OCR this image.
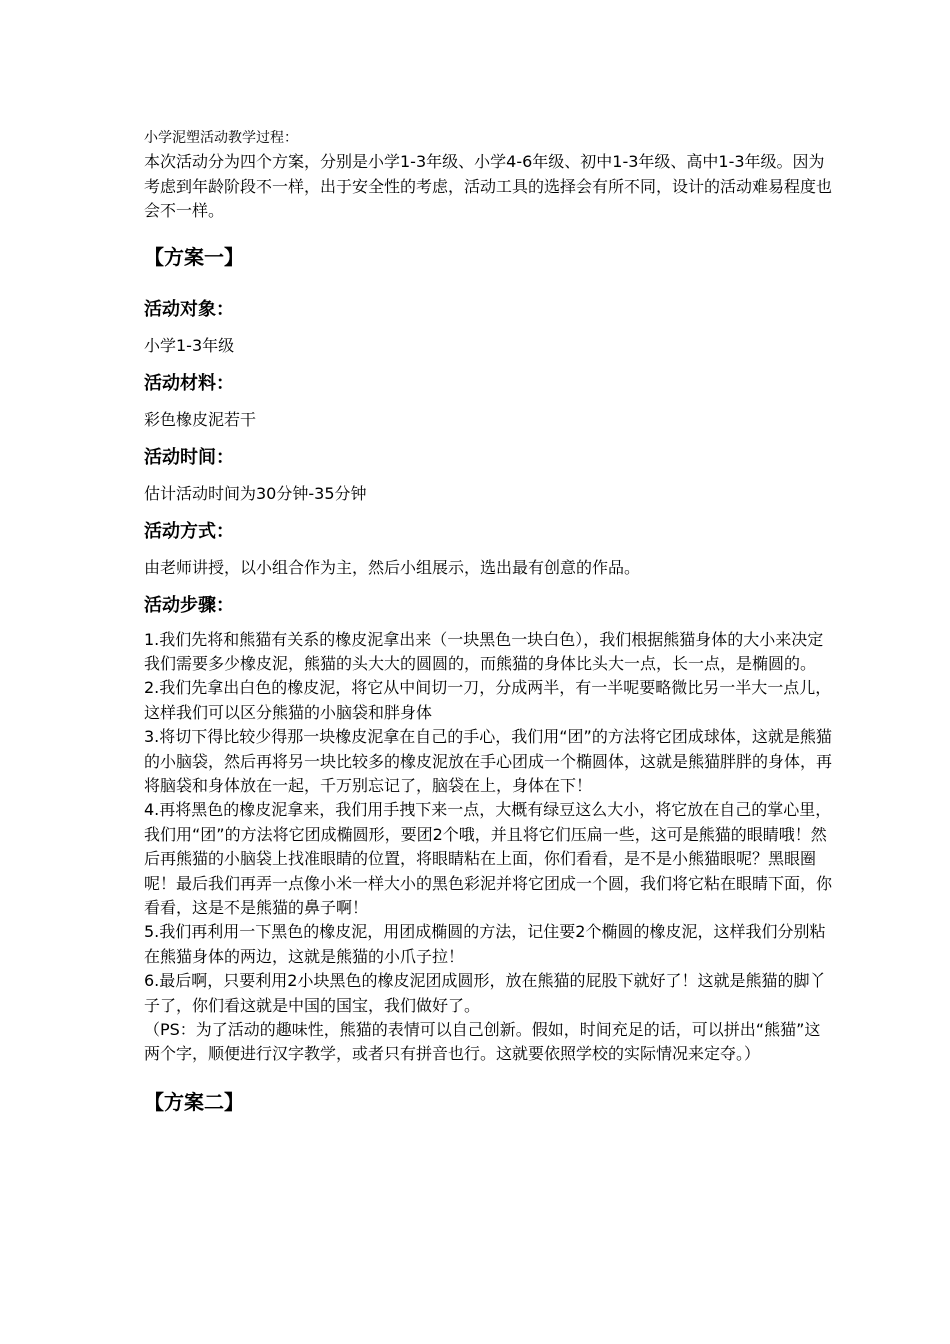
小学泥塑活动教学过程：

本次活动分为四个方案，分别是小学1-3年级、小学4-6年级、初中1-3年级、高中1-3年级。因为考虑到年龄阶段不一样，出于安全性的考虑，活动工具的选择会有所不同，设计的活动难易程度也会不一样。

【方案一】

活动对象：

小学1-3年级

活动材料：

彩色橡皮泥若干

活动时间：

估计活动时间为30分钟-35分钟

活动方式：

由老师讲授，以小组合作为主，然后小组展示，选出最有创意的作品。

活动步骤：

1.我们先将和熊猫有关系的橡皮泥拿出来（一块黑色一块白色），我们根据熊猫身体的大小来决定我们需要多少橡皮泥，熊猫的头大大的圆圆的，而熊猫的身体比头大一点，长一点，是椭圆的。

2.我们先拿出白色的橡皮泥，将它从中间切一刀，分成两半，有一半呢要略微比另一半大一点儿，这样我们可以区分熊猫的小脑袋和胖身体

3.将切下得比较少得那一块橡皮泥拿在自己的手心，我们用“团”的方法将它团成球体，这就是熊猫的小脑袋，然后再将另一块比较多的橡皮泥放在手心团成一个椭圆体，这就是熊猫胖胖的身体，再将脑袋和身体放在一起，千万别忘记了，脑袋在上，身体在下！

4.再将黑色的橡皮泥拿来，我们用手拽下来一点，大概有绿豆这么大小，将它放在自己的掌心里，我们用“团”的方法将它团成椭圆形，要团2个哦，并且将它们压扁一些，这可是熊猫的眼睛哦！然后再熊猫的小脑袋上找准眼睛的位置，将眼睛粘在上面，你们看看，是不是小熊猫眼呢？黑眼圈呢！最后我们再弄一点像小米一样大小的黑色彩泥并将它团成一个圆，我们将它粘在眼睛下面，你看看，这是不是熊猫的鼻子啊！

5.我们再利用一下黑色的橡皮泥，用团成椭圆的方法，记住要2个椭圆的橡皮泥，这样我们分别粘在熊猫身体的两边，这就是熊猫的小爪子拉！

6.最后啊，只要利用2小块黑色的橡皮泥团成圆形，放在熊猫的屁股下就好了！这就是熊猫的脚丫子了，你们看这就是中国的国宝，我们做好了。

（PS：为了活动的趣味性，熊猫的表情可以自己创新。假如，时间充足的话，可以拼出“熊猫”这两个字，顺便进行汉字教学，或者只有拼音也行。这就要依照学校的实际情况来定夺。）

【方案二】
